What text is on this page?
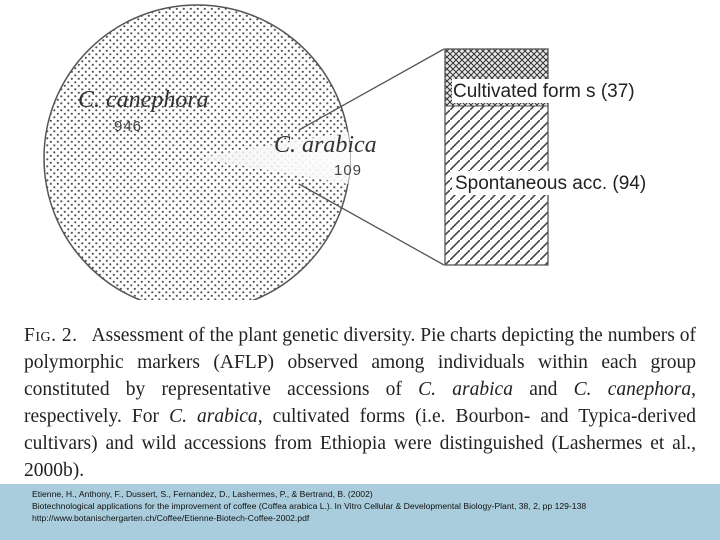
C. canephora
946
C. arabica
109
Cultivated form s (37)
Spontaneous acc. (94)
Fig. 2. Assessment of the plant genetic diversity. Pie charts depicting the numbers of polymorphic markers (AFLP) observed among individuals within each group constituted by representative accessions of C. arabica and C. canephora, respectively. For C. arabica, cultivated forms (i.e. Bourbon- and Typica-derived cultivars) and wild accessions from Ethiopia were distinguished (Lashermes et al., 2000b).
Etienne, H., Anthony, F., Dussert, S., Fernandez, D., Lashermes, P., & Bertrand, B. (2002)
Biotechnological applications for the improvement of coffee (Coffea arabica L.). In Vitro Cellular & Developmental Biology-Plant, 38, 2, pp 129-138
http://www.botanischergarten.ch/Coffee/Etienne-Biotech-Coffee-2002.pdf
